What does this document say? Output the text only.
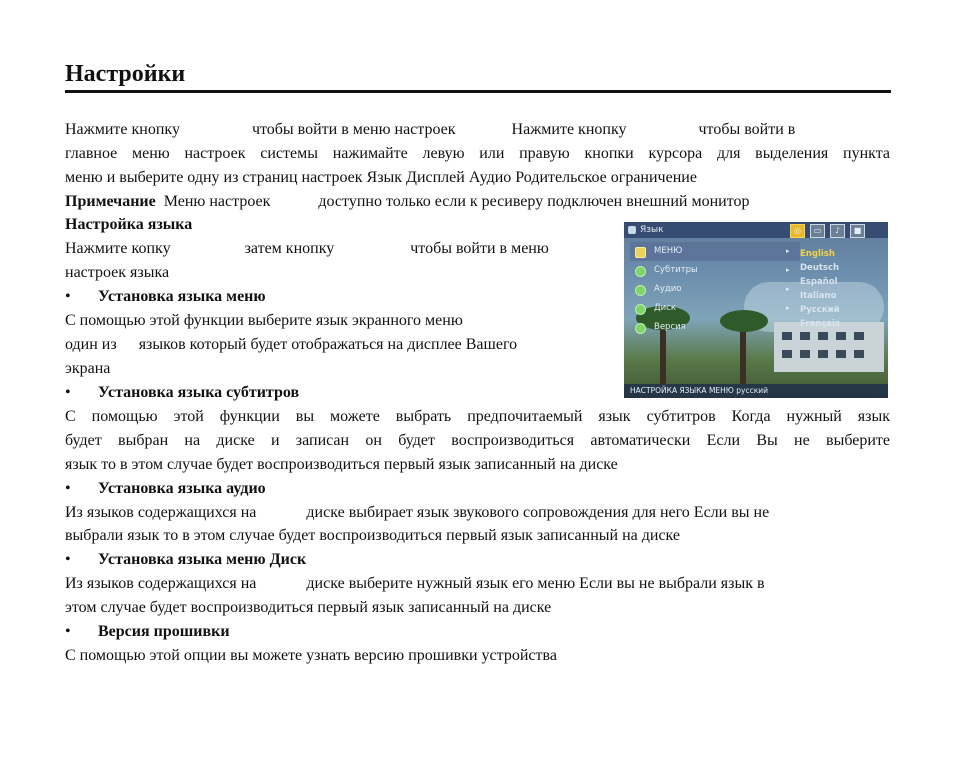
Настройки
Нажмите кнопку	чтобы войти в меню настроек	Нажмите кнопку	чтобы войти в
главное меню настроек системы нажимайте левую или правую кнопки курсора для выделения пункта
меню и выберите одну из страниц настроек Язык Дисплей Аудио Родительское ограничение
Примечание Меню настроек	доступно только если к ресиверу подключен внешний монитор
Настройка языка
Нажмите копку	затем кнопку	чтобы войти в меню
настроек языка
• Установка языка меню
С помощью этой функции выберите язык экранного меню
один из языков который будет отображаться на дисплее Вашего
экрана
• Установка языка субтитров
С помощью этой функции вы можете выбрать предпочитаемый язык субтитров Когда нужный язык
будет выбран на диске и записан он будет воспроизводиться автоматически Если Вы не выберите
язык то в этом случае будет воспроизводиться первый язык записанный на диске
• Установка языка аудио
Из языков содержащихся на	диске выбирает язык звукового сопровождения для него Если вы не
выбрали язык то в этом случае будет воспроизводиться первый язык записанный на диске
• Установка языка меню Диск
Из языков содержащихся на	диске выберите нужный язык его меню Если вы не выбрали язык в
этом случае будет воспроизводиться первый язык записанный на диске
• Версия прошивки
С помощью этой опции вы можете узнать версию прошивки устройства
Язык	◎	▭	♪	■
МЕНЮ	▸
Субтитры	▸
Аудио	▸
Диск	▸
Версия
English
Deutsch
Español
Italiano
Русский
Français
НАСТРОЙКА ЯЗЫКА МЕНЮ русский
